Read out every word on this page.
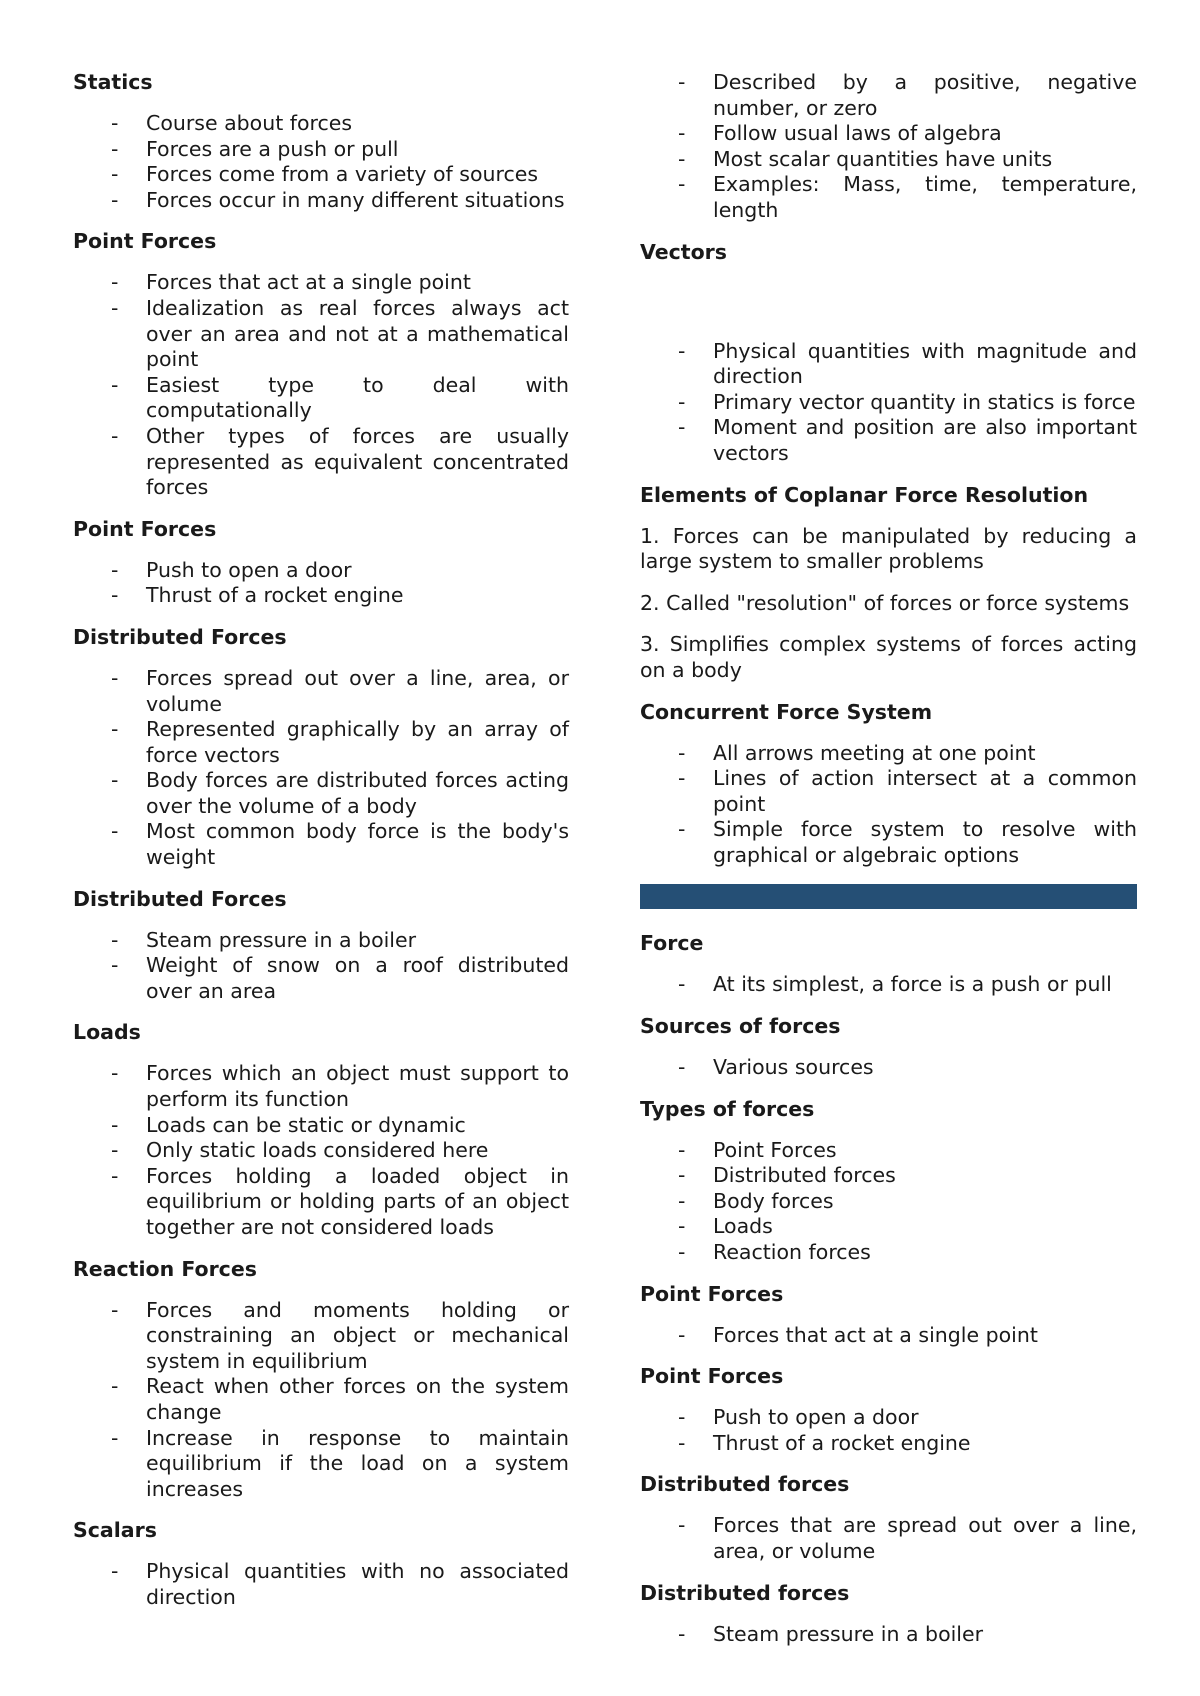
Statics
- Course about forces
- Forces are a push or pull
- Forces come from a variety of sources
- Forces occur in many different situations
Point Forces
- Forces that act at a single point
- Idealization as real forces always act over an area and not at a mathematical point
- Easiest type to deal with computationally
- Other types of forces are usually represented as equivalent concentrated forces
Point Forces
- Push to open a door
- Thrust of a rocket engine
Distributed Forces
- Forces spread out over a line, area, or volume
- Represented graphically by an array of force vectors
- Body forces are distributed forces acting over the volume of a body
- Most common body force is the body's weight
Distributed Forces
- Steam pressure in a boiler
- Weight of snow on a roof distributed over an area
Loads
- Forces which an object must support to perform its function
- Loads can be static or dynamic
- Only static loads considered here
- Forces holding a loaded object in equilibrium or holding parts of an object together are not considered loads
Reaction Forces
- Forces and moments holding or constraining an object or mechanical system in equilibrium
- React when other forces on the system change
- Increase in response to maintain equilibrium if the load on a system increases
Scalars
- Physical quantities with no associated direction
- Described by a positive, negative number, or zero
- Follow usual laws of algebra
- Most scalar quantities have units
- Examples: Mass, time, temperature, length
Vectors
- Physical quantities with magnitude and direction
- Primary vector quantity in statics is force
- Moment and position are also important vectors
Elements of Coplanar Force Resolution

1. Forces can be manipulated by reducing a large system to smaller problems

2. Called "resolution" of forces or force systems

3. Simplifies complex systems of forces acting on a body

Concurrent Force System
- All arrows meeting at one point
- Lines of action intersect at a common point
- Simple force system to resolve with graphical or algebraic options
Force
- At its simplest, a force is a push or pull
Sources of forces
- Various sources
Types of forces
- Point Forces
- Distributed forces
- Body forces
- Loads
- Reaction forces
Point Forces
- Forces that act at a single point
Point Forces
- Push to open a door
- Thrust of a rocket engine
Distributed forces
- Forces that are spread out over a line, area, or volume
Distributed forces
- Steam pressure in a boiler
